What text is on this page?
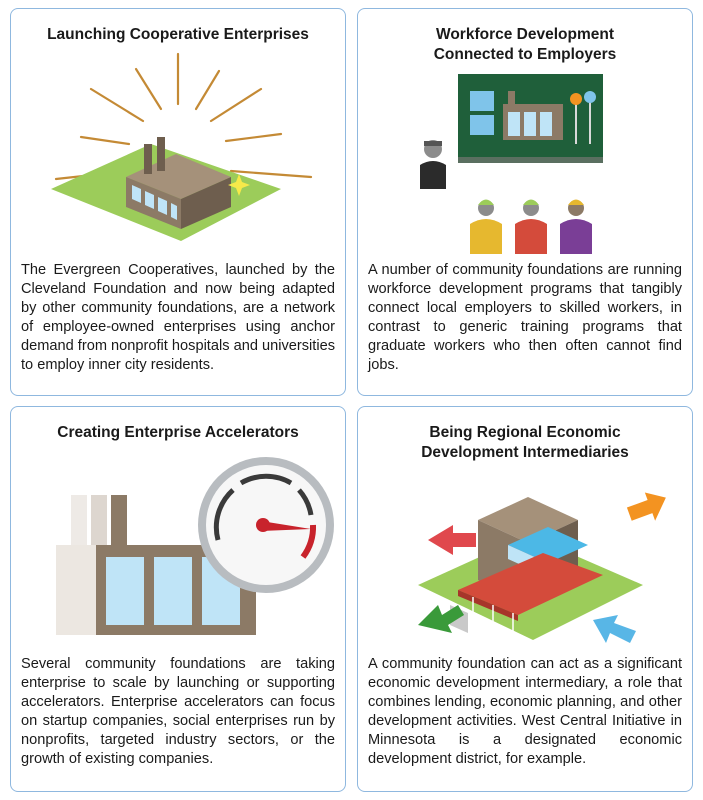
Launching Cooperative Enterprises
The Evergreen Cooperatives, launched by the Cleveland Foundation and now being adapted by other community foundations, are a network of employee-owned enterprises using anchor demand from nonprofit hospitals and universities to employ inner city residents.
Workforce Development
Connected to Employers
A number of community foundations are running workforce development programs that tangibly connect local employers to skilled workers, in contrast to generic training programs that graduate workers who then often cannot find jobs.
Creating Enterprise Accelerators
Several community foundations are taking enterprise to scale by launching or supporting accelerators. Enterprise accelerators can focus on startup companies, social enterprises run by nonprofits, targeted industry sectors, or the growth of existing companies.
Being Regional Economic
Development Intermediaries
A community foundation can act as a significant economic development intermediary, a role that combines lending, economic planning, and other development activities. West Central Initiative in Minnesota is a designated economic development district, for example.
